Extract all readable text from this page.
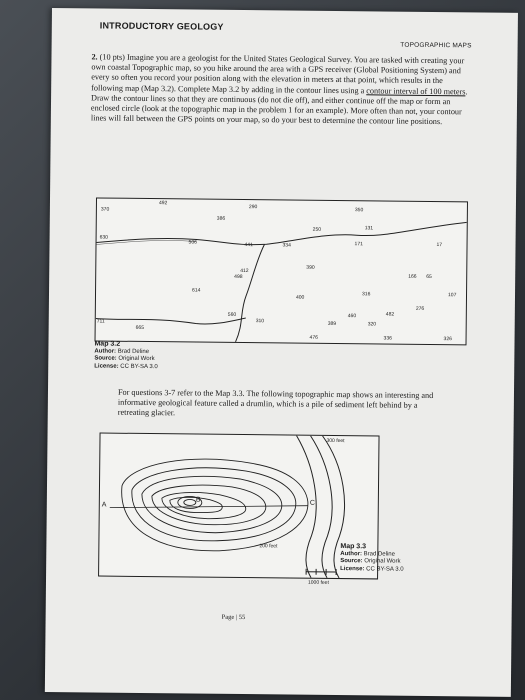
INTRODUCTORY GEOLOGY
TOPOGRAPHIC MAPS
2. (10 pts) Imagine you are a geologist for the United States Geological Survey. You are tasked with creating your own coastal Topographic map, so you hike around the area with a GPS receiver (Global Positioning System) and every so often you record your position along with the elevation in meters at that point, which results in the following map (Map 3.2). Complete Map 3.2 by adding in the contour lines using a contour interval of 100 meters. Draw the contour lines so that they are continuous (do not die off), and either continue off the map or form an enclosed circle (look at the topographic map in the problem 1 for an example). More often than not, your contour lines will fall between the GPS points on your map, so do your best to determine the contour line positions.
370
492
290
350
386
250
630
506	441	334	171	17
131
412
390
498	166 65
614
400
316	107
276
560	460	482
310	389	320
711
665
476	336	326
Map 3.2
Author: Brad Deline
Source: Original Work
License: CC BY-SA 3.0
For questions 3-7 refer to the Map 3.3. The following topographic map shows an interesting and informative geological feature called a drumlin, which is a pile of sediment left behind by a retreating glacier.
A
B	C
300 feet
200 feet	Map 3.3
Author: Brad Deline
Source: Original Work
License: CC BY-SA 3.0
1000 feet
Page | 55
